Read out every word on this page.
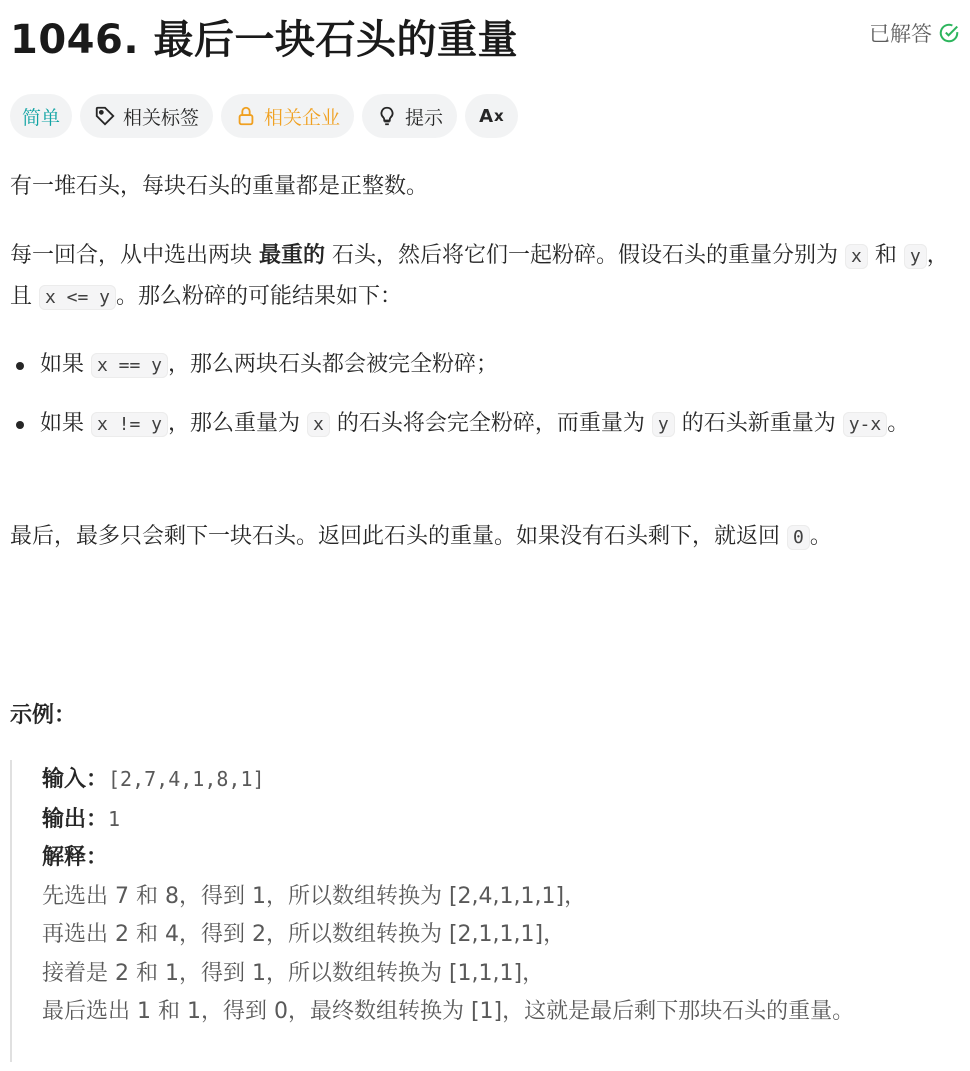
1046. 最后一块石头的重量	已解答
简单	相关标签	相关企业	提示 A ⅹ
有一堆石头，每块石头的重量都是正整数。
每一回合，从中选出两块 最重的 石头，然后将它们一起粉碎。假设石头的重量分别为 x 和 y ，且 x <= y 。那么粉碎的可能结果如下：
如果 x == y ，那么两块石头都会被完全粉碎；
如果 x != y ，那么重量为 x 的石头将会完全粉碎，而重量为 y 的石头新重量为 y-x 。
最后，最多只会剩下一块石头。返回此石头的重量。如果没有石头剩下，就返回 0 。
示例：
输入：[2,7,4,1,8,1]
输出：1
解释：
先选出 7 和 8，得到 1，所以数组转换为 [2,4,1,1,1]，
再选出 2 和 4，得到 2，所以数组转换为 [2,1,1,1]，
接着是 2 和 1，得到 1，所以数组转换为 [1,1,1]，
最后选出 1 和 1，得到 0，最终数组转换为 [1]，这就是最后剩下那块石头的重量。
